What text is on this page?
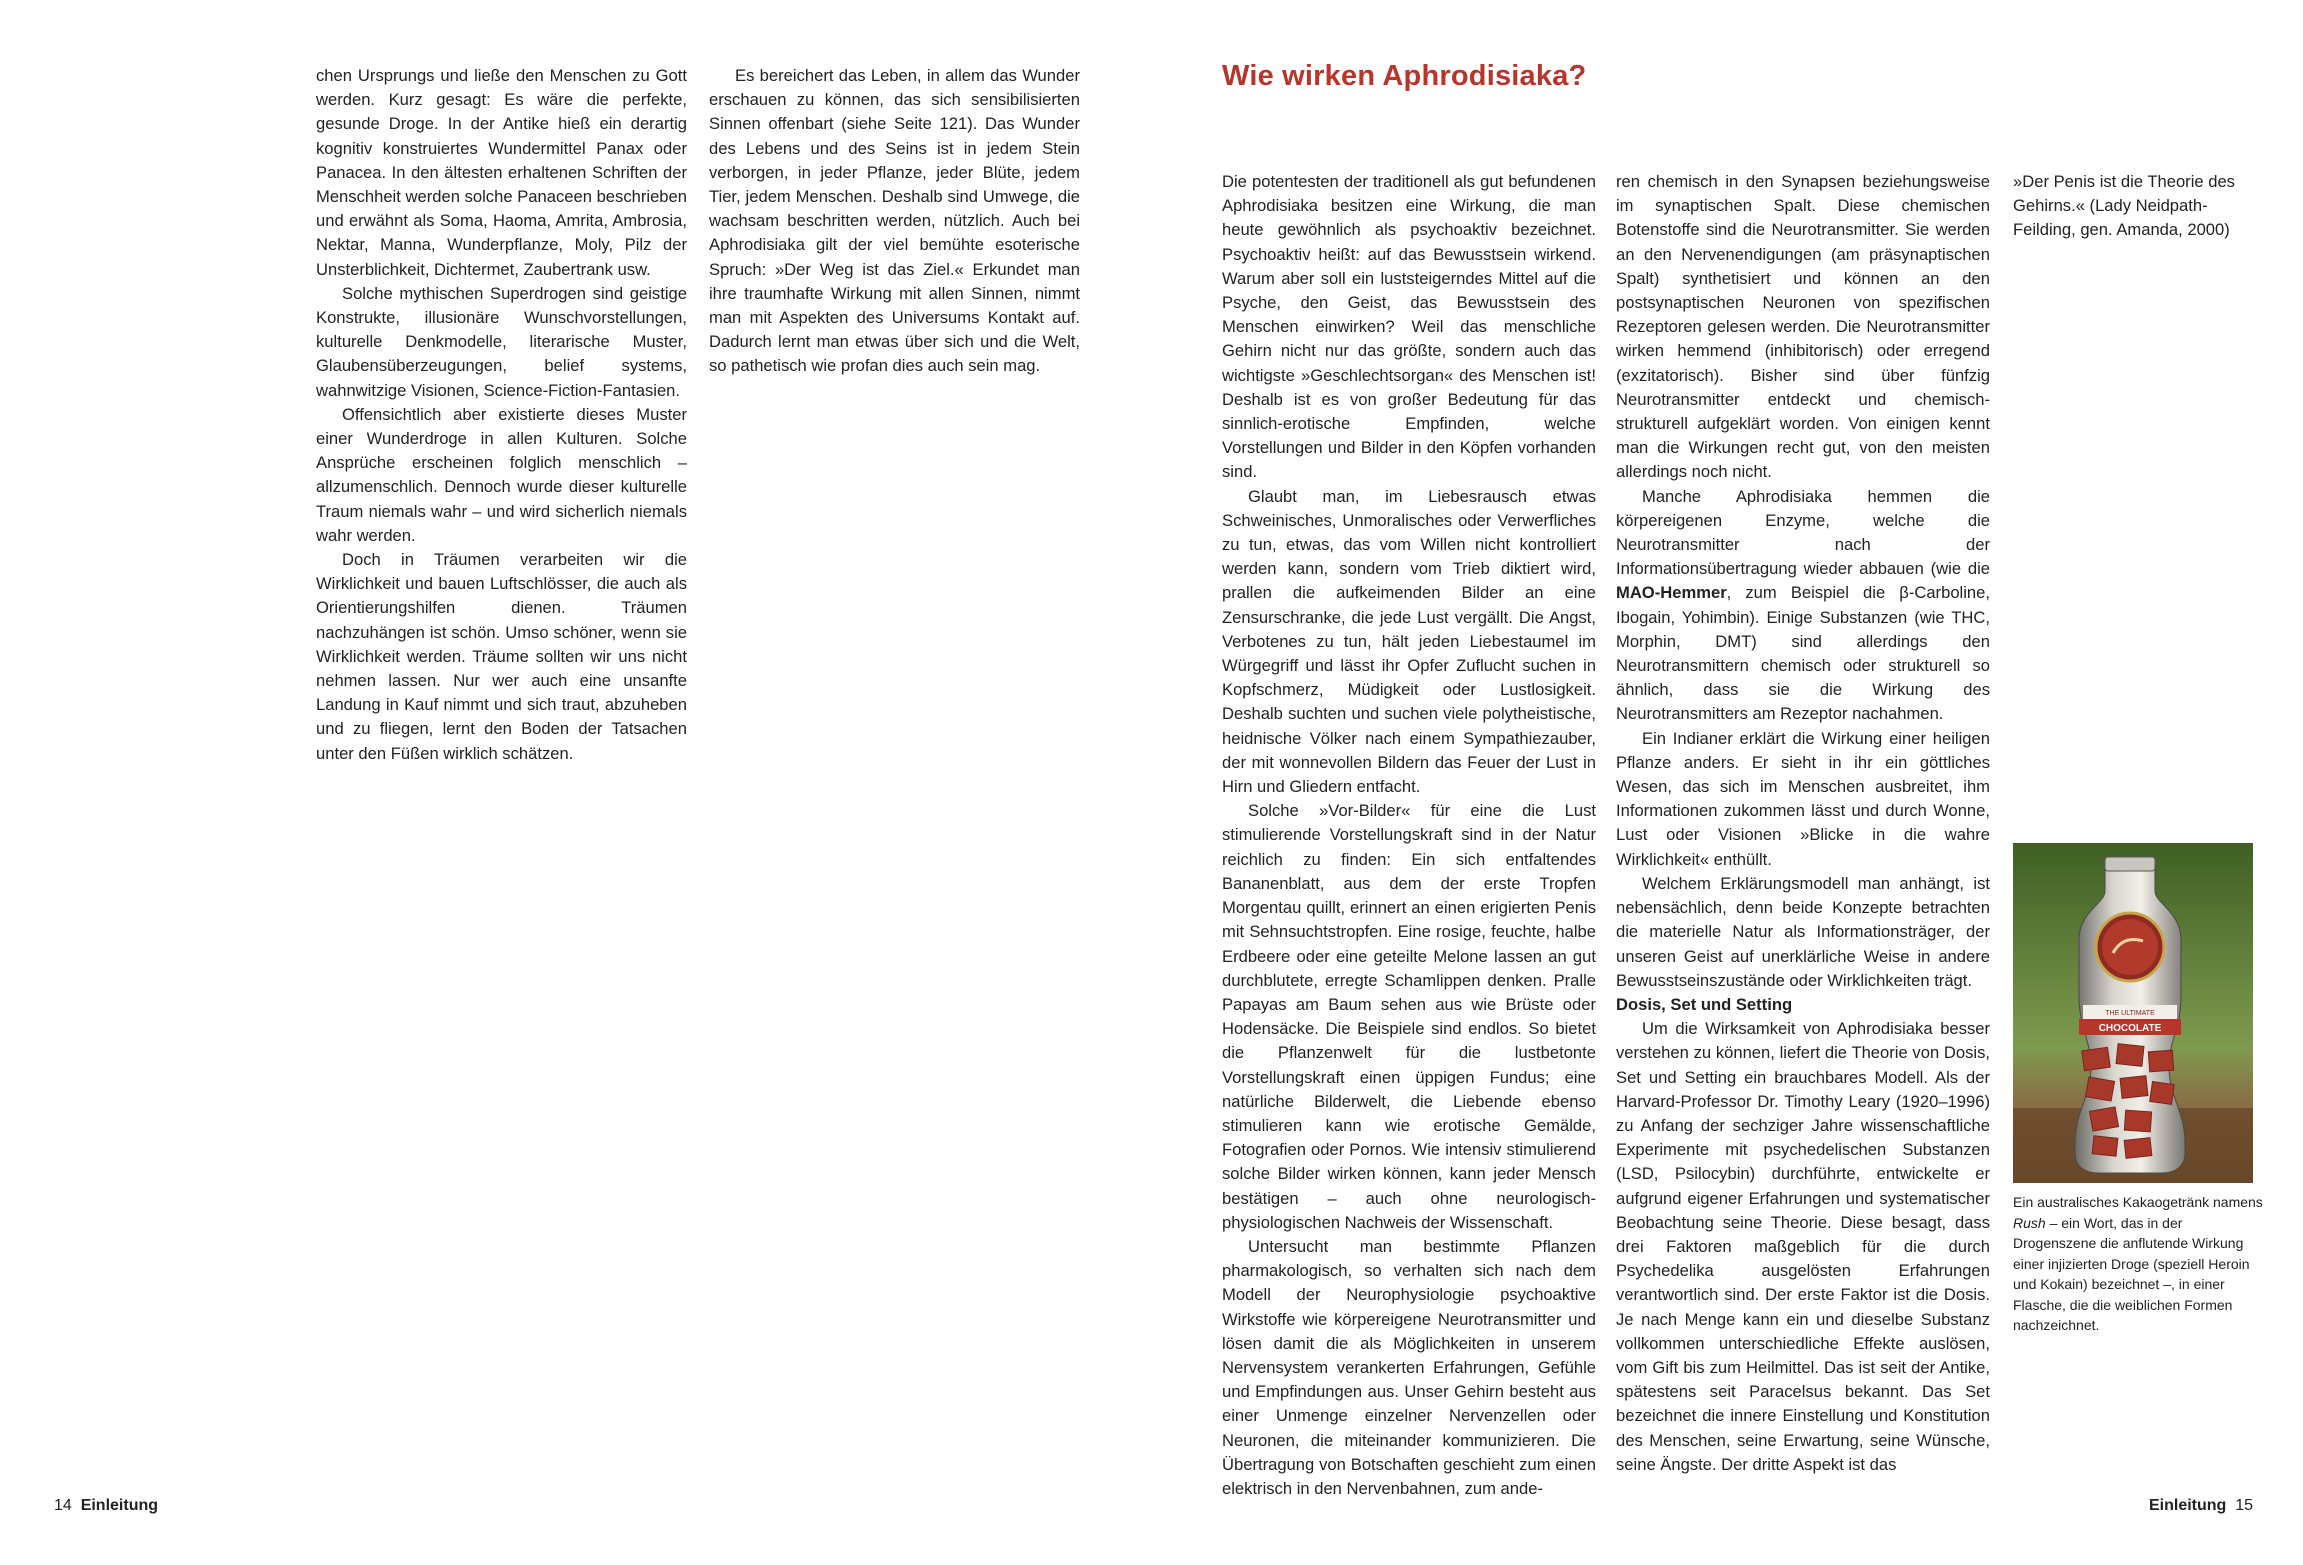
chen Ursprungs und ließe den Menschen zu Gott werden. Kurz gesagt: Es wäre die perfekte, gesunde Droge. In der Antike hieß ein derartig kognitiv konstruiertes Wundermittel Panax oder Panacea. In den ältesten erhaltenen Schriften der Menschheit werden solche Panaceen beschrieben und erwähnt als Soma, Haoma, Amrita, Ambrosia, Nektar, Manna, Wunderpflanze, Moly, Pilz der Unsterblichkeit, Dichtermet, Zaubertrank usw.

Solche mythischen Superdrogen sind geistige Konstrukte, illusionäre Wunschvorstellungen, kulturelle Denkmodelle, literarische Muster, Glaubensüberzeugungen, belief systems, wahnwitzige Visionen, Science-Fiction-Fantasien.

Offensichtlich aber existierte dieses Muster einer Wunderdroge in allen Kulturen. Solche Ansprüche erscheinen folglich menschlich – allzumenschlich. Dennoch wurde dieser kulturelle Traum niemals wahr – und wird sicherlich niemals wahr werden.

Doch in Träumen verarbeiten wir die Wirklichkeit und bauen Luftschlösser, die auch als Orientierungshilfen dienen. Träumen nachzuhängen ist schön. Umso schöner, wenn sie Wirklichkeit werden. Träume sollten wir uns nicht nehmen lassen. Nur wer auch eine unsanfte Landung in Kauf nimmt und sich traut, abzuheben und zu fliegen, lernt den Boden der Tatsachen unter den Füßen wirklich schätzen.

Es bereichert das Leben, in allem das Wunder erschauen zu können, das sich sensibilisierten Sinnen offenbart (siehe Seite 121). Das Wunder des Lebens und des Seins ist in jedem Stein verborgen, in jeder Pflanze, jeder Blüte, jedem Tier, jedem Menschen. Deshalb sind Umwege, die wachsam beschritten werden, nützlich. Auch bei Aphrodisiaka gilt der viel bemühte esoterische Spruch: »Der Weg ist das Ziel.« Erkundet man ihre traumhafte Wirkung mit allen Sinnen, nimmt man mit Aspekten des Universums Kontakt auf. Dadurch lernt man etwas über sich und die Welt, so pathetisch wie profan dies auch sein mag.

14 Einleitung
Wie wirken Aphrodisiaka?

Die potentesten der traditionell als gut befundenen Aphrodisiaka besitzen eine Wirkung, die man heute gewöhnlich als psychoaktiv bezeichnet. Psychoaktiv heißt: auf das Bewusstsein wirkend. Warum aber soll ein luststeigerndes Mittel auf die Psyche, den Geist, das Bewusstsein des Menschen einwirken? Weil das menschliche Gehirn nicht nur das größte, sondern auch das wichtigste »Geschlechtsorgan« des Menschen ist! Deshalb ist es von großer Bedeutung für das sinnlich-erotische Empfinden, welche Vorstellungen und Bilder in den Köpfen vorhanden sind.

Glaubt man, im Liebesrausch etwas Schweinisches, Unmoralisches oder Verwerfliches zu tun, etwas, das vom Willen nicht kontrolliert werden kann, sondern vom Trieb diktiert wird, prallen die aufkeimenden Bilder an eine Zensurschranke, die jede Lust vergällt. Die Angst, Verbotenes zu tun, hält jeden Liebestaumel im Würgegriff und lässt ihr Opfer Zuflucht suchen in Kopfschmerz, Müdigkeit oder Lustlosigkeit. Deshalb suchten und suchen viele polytheistische, heidnische Völker nach einem Sympathiezauber, der mit wonnevollen Bildern das Feuer der Lust in Hirn und Gliedern entfacht.

Solche »Vor-Bilder« für eine die Lust stimulierende Vorstellungskraft sind in der Natur reichlich zu finden: Ein sich entfaltendes Bananenblatt, aus dem der erste Tropfen Morgentau quillt, erinnert an einen erigierten Penis mit Sehnsuchtstropfen. Eine rosige, feuchte, halbe Erdbeere oder eine geteilte Melone lassen an gut durchblutete, erregte Schamlippen denken. Pralle Papayas am Baum sehen aus wie Brüste oder Hodensäcke. Die Beispiele sind endlos. So bietet die Pflanzenwelt für die lustbetonte Vorstellungskraft einen üppigen Fundus; eine natürliche Bilderwelt, die Liebende ebenso stimulieren kann wie erotische Gemälde, Fotografien oder Pornos. Wie intensiv stimulierend solche Bilder wirken können, kann jeder Mensch bestätigen – auch ohne neurologisch-physiologischen Nachweis der Wissenschaft.

Untersucht man bestimmte Pflanzen pharmakologisch, so verhalten sich nach dem Modell der Neurophysiologie psychoaktive Wirkstoffe wie körpereigene Neurotransmitter und lösen damit die als Möglichkeiten in unserem Nervensystem verankerten Erfahrungen, Gefühle und Empfindungen aus. Unser Gehirn besteht aus einer Unmenge einzelner Nervenzellen oder Neuronen, die miteinander kommunizieren. Die Übertragung von Botschaften geschieht zum einen elektrisch in den Nervenbahnen, zum ande-

ren chemisch in den Synapsen beziehungsweise im synaptischen Spalt. Diese chemischen Botenstoffe sind die Neurotransmitter. Sie werden an den Nervenendigungen (am präsynaptischen Spalt) synthetisiert und können an den postsynaptischen Neuronen von spezifischen Rezeptoren gelesen werden. Die Neurotransmitter wirken hemmend (inhibitorisch) oder erregend (exzitatorisch). Bisher sind über fünfzig Neurotransmitter entdeckt und chemisch-strukturell aufgeklärt worden. Von einigen kennt man die Wirkungen recht gut, von den meisten allerdings noch nicht.

Manche Aphrodisiaka hemmen die körpereigenen Enzyme, welche die Neurotransmitter nach der Informationsübertragung wieder abbauen (wie die MAO-Hemmer, zum Beispiel die β-Carboline, Ibogain, Yohimbin). Einige Substanzen (wie THC, Morphin, DMT) sind allerdings den Neurotransmittern chemisch oder strukturell so ähnlich, dass sie die Wirkung des Neurotransmitters am Rezeptor nachahmen.

Ein Indianer erklärt die Wirkung einer heiligen Pflanze anders. Er sieht in ihr ein göttliches Wesen, das sich im Menschen ausbreitet, ihm Informationen zukommen lässt und durch Wonne, Lust oder Visionen »Blicke in die wahre Wirklichkeit« enthüllt.

Welchem Erklärungsmodell man anhängt, ist nebensächlich, denn beide Konzepte betrachten die materielle Natur als Informationsträger, der unseren Geist auf unerklärliche Weise in andere Bewusstseinszustände oder Wirklichkeiten trägt.

Dosis, Set und Setting

Um die Wirksamkeit von Aphrodisiaka besser verstehen zu können, liefert die Theorie von Dosis, Set und Setting ein brauchbares Modell. Als der Harvard-Professor Dr. Timothy Leary (1920–1996) zu Anfang der sechziger Jahre wissenschaftliche Experimente mit psychedelischen Substanzen (LSD, Psilocybin) durchführte, entwickelte er aufgrund eigener Erfahrungen und systematischer Beobachtung seine Theorie. Diese besagt, dass drei Faktoren maßgeblich für die durch Psychedelika ausgelösten Erfahrungen verantwortlich sind. Der erste Faktor ist die Dosis. Je nach Menge kann ein und dieselbe Substanz vollkommen unterschiedliche Effekte auslösen, vom Gift bis zum Heilmittel. Das ist seit der Antike, spätestens seit Paracelsus bekannt. Das Set bezeichnet die innere Einstellung und Konstitution des Menschen, seine Erwartung, seine Wünsche, seine Ängste. Der dritte Aspekt ist das

»Der Penis ist die Theorie des Gehirns.« (Lady Neidpath-Feilding, gen. Amanda, 2000)

THE ULTIMATE
CHOCOLATE
Ein australisches Kakaogetränk namens Rush – ein Wort, das in der Drogenszene die anflutende Wirkung einer injizierten Droge (speziell Heroin und Kokain) bezeichnet –, in einer Flasche, die die weiblichen Formen nachzeichnet.
Einleitung 15
